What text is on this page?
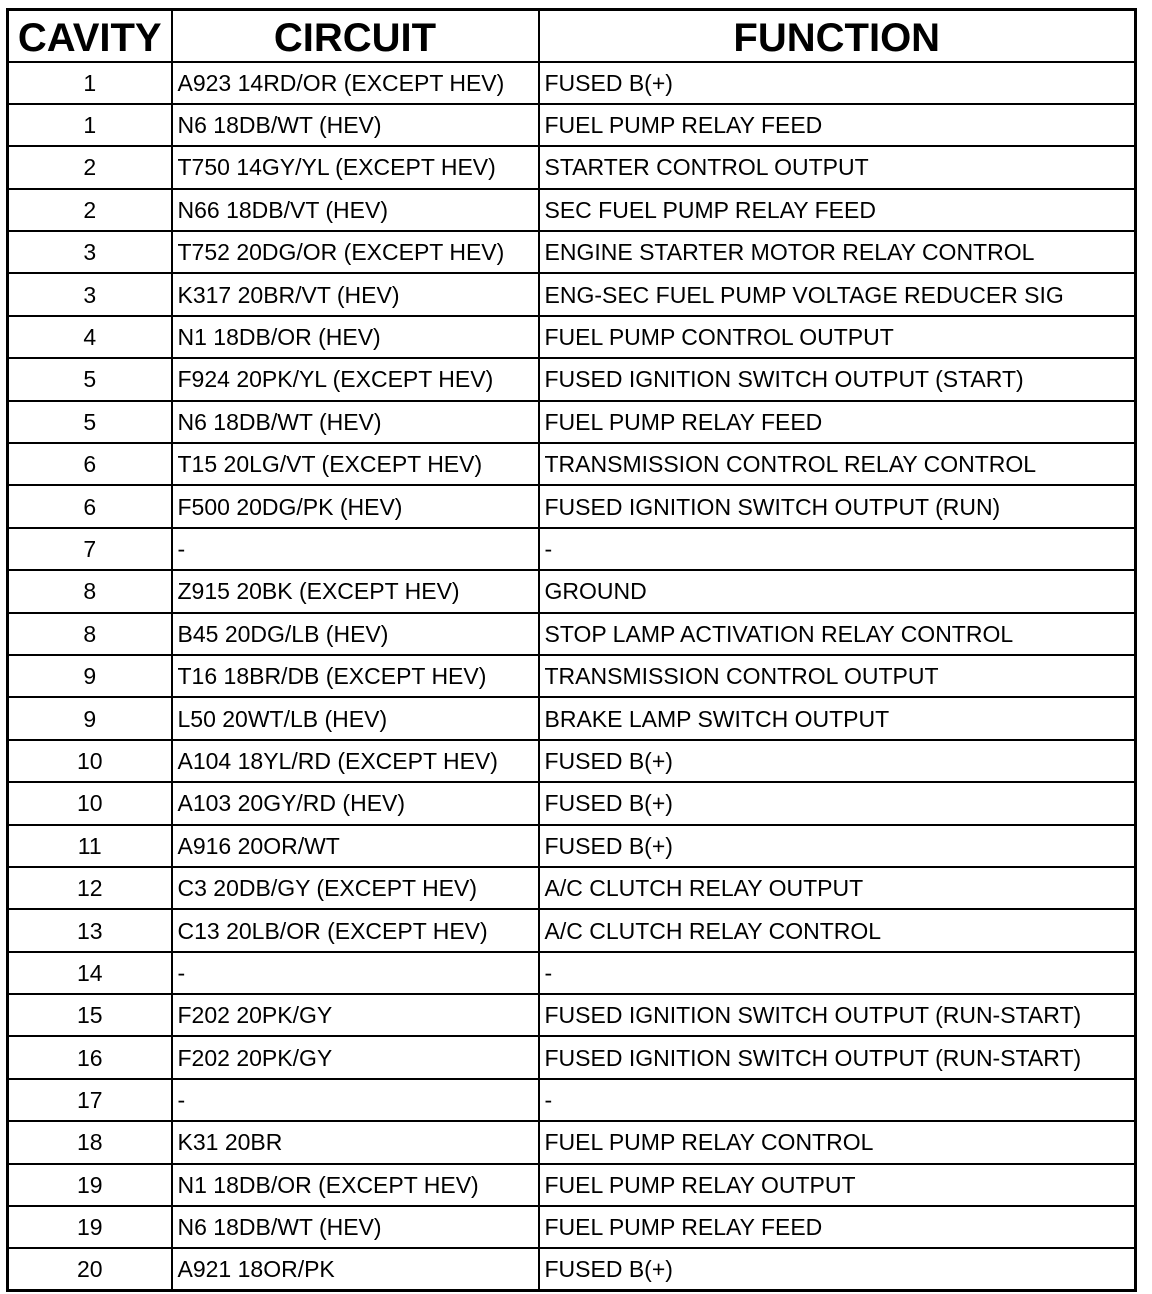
CAVITY	CIRCUIT	FUNCTION
1	A923 14RD/OR (EXCEPT HEV)	FUSED B(+)
1	N6 18DB/WT (HEV)	FUEL PUMP RELAY FEED
2	T750 14GY/YL (EXCEPT HEV)	STARTER CONTROL OUTPUT
2	N66 18DB/VT (HEV)	SEC FUEL PUMP RELAY FEED
3	T752 20DG/OR (EXCEPT HEV)	ENGINE STARTER MOTOR RELAY CONTROL
3	K317 20BR/VT (HEV)	ENG-SEC FUEL PUMP VOLTAGE REDUCER SIG
4	N1 18DB/OR (HEV)	FUEL PUMP CONTROL OUTPUT
5	F924 20PK/YL (EXCEPT HEV)	FUSED IGNITION SWITCH OUTPUT (START)
5	N6 18DB/WT (HEV)	FUEL PUMP RELAY FEED
6	T15 20LG/VT (EXCEPT HEV)	TRANSMISSION CONTROL RELAY CONTROL
6	F500 20DG/PK (HEV)	FUSED IGNITION SWITCH OUTPUT (RUN)
7	-	-
8	Z915 20BK (EXCEPT HEV)	GROUND
8	B45 20DG/LB (HEV)	STOP LAMP ACTIVATION RELAY CONTROL
9	T16 18BR/DB (EXCEPT HEV)	TRANSMISSION CONTROL OUTPUT
9	L50 20WT/LB (HEV)	BRAKE LAMP SWITCH OUTPUT
10	A104 18YL/RD (EXCEPT HEV)	FUSED B(+)
10	A103 20GY/RD (HEV)	FUSED B(+)
11	A916 20OR/WT	FUSED B(+)
12	C3 20DB/GY (EXCEPT HEV)	A/C CLUTCH RELAY OUTPUT
13	C13 20LB/OR (EXCEPT HEV)	A/C CLUTCH RELAY CONTROL
14	-	-
15	F202 20PK/GY	FUSED IGNITION SWITCH OUTPUT (RUN-START)
16	F202 20PK/GY	FUSED IGNITION SWITCH OUTPUT (RUN-START)
17	-	-
18	K31 20BR	FUEL PUMP RELAY CONTROL
19	N1 18DB/OR (EXCEPT HEV)	FUEL PUMP RELAY OUTPUT
19	N6 18DB/WT (HEV)	FUEL PUMP RELAY FEED
20	A921 18OR/PK	FUSED B(+)
